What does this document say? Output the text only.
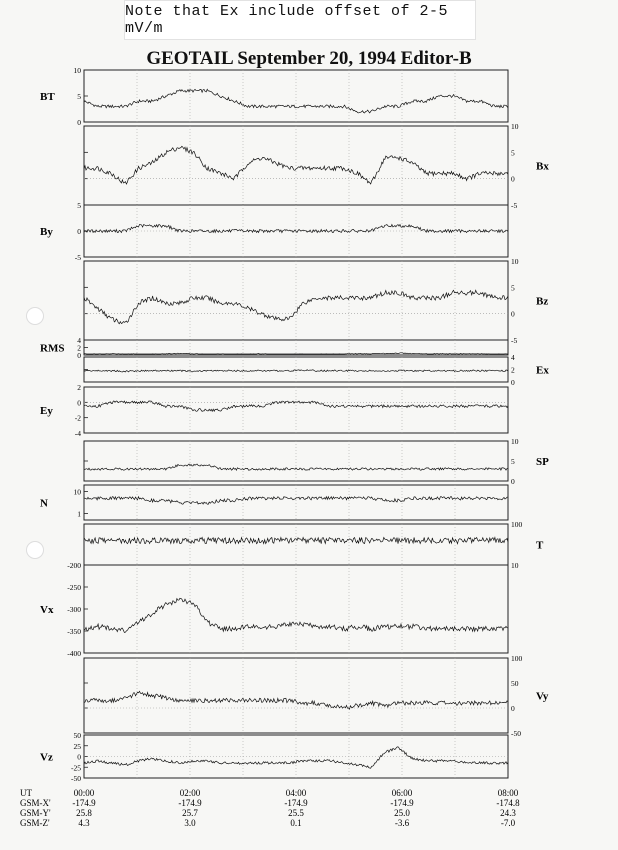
Note that Ex include offset of 2-5 mV/m
GEOTAIL September 20, 1994 Editor-B
10
5
0
BT
10
5
0
-5
Bx
5
0
-5
By
10
5
0
-5
Bz
4
2
0
RMS
4
2
0
Ex
2
0
-2
-4
Ey
10
5
0
SP
10
1
N
100
10
T
-200
-250
-300
-350
-400
Vx
100
50
0
-50
Vy
50
25
0
-25
-50
Vz
UT	00:00	02:00	04:00	06:00	08:00
GSM-X' -174.9	-174.9	-174.9	-174.9	-174.8
GSM-Y'	25.8	25.7	25.5	25.0	24.3
GSM-Z'	4.3	3.0	0.1	-3.6	-7.0
